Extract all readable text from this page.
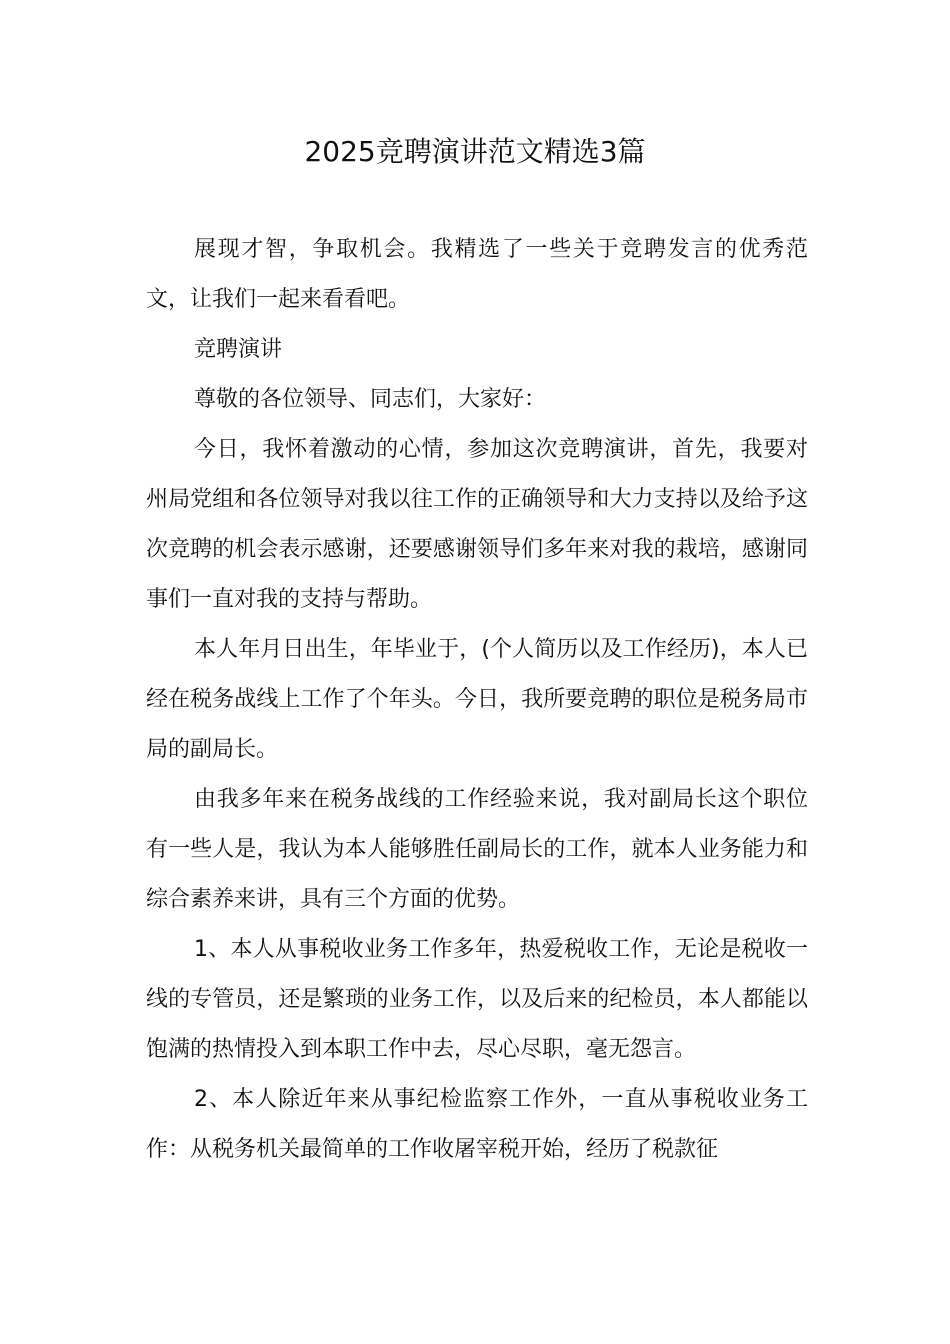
2025竞聘演讲范文精选3篇

展现才智，争取机会。我精选了一些关于竞聘发言的优秀范文，让我们一起来看看吧。

竞聘演讲

尊敬的各位领导、同志们，大家好：

今日，我怀着激动的心情，参加这次竞聘演讲，首先，我要对州局党组和各位领导对我以往工作的正确领导和大力支持以及给予这次竞聘的机会表示感谢，还要感谢领导们多年来对我的栽培，感谢同事们一直对我的支持与帮助。

本人年月日出生，年毕业于，(个人简历以及工作经历)，本人已经在税务战线上工作了个年头。今日，我所要竞聘的职位是税务局市局的副局长。

由我多年来在税务战线的工作经验来说，我对副局长这个职位有一些人是，我认为本人能够胜任副局长的工作，就本人业务能力和综合素养来讲，具有三个方面的优势。

1、本人从事税收业务工作多年，热爱税收工作，无论是税收一线的专管员，还是繁琐的业务工作，以及后来的纪检员，本人都能以饱满的热情投入到本职工作中去，尽心尽职，毫无怨言。

2、本人除近年来从事纪检监察工作外，一直从事税收业务工作：从税务机关最简单的工作收屠宰税开始，经历了税款征
